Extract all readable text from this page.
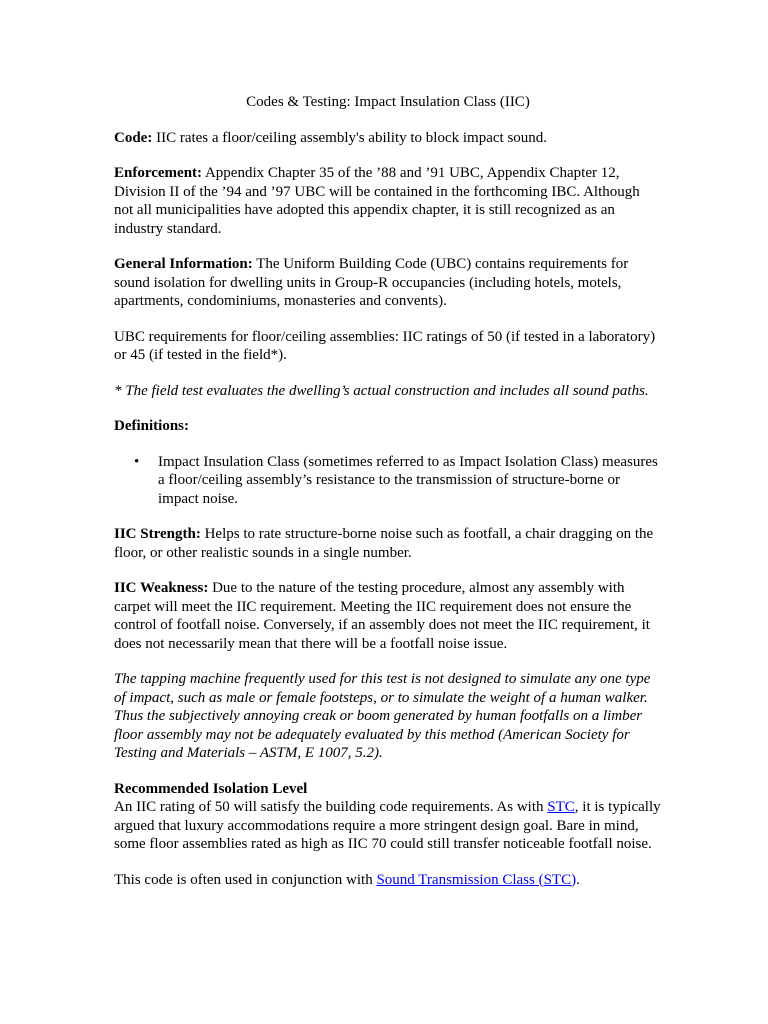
Codes & Testing: Impact Insulation Class (IIC)

Code: IIC rates a floor/ceiling assembly's ability to block impact sound.

Enforcement: Appendix Chapter 35 of the ’88 and ’91 UBC, Appendix Chapter 12, Division II of the ’94 and ’97 UBC will be contained in the forthcoming IBC. Although not all municipalities have adopted this appendix chapter, it is still recognized as an industry standard.

General Information: The Uniform Building Code (UBC) contains requirements for sound isolation for dwelling units in Group-R occupancies (including hotels, motels, apartments, condominiums, monasteries and convents).

UBC requirements for floor/ceiling assemblies: IIC ratings of 50 (if tested in a laboratory) or 45 (if tested in the field*).

* The field test evaluates the dwelling’s actual construction and includes all sound paths.

Definitions:

• Impact Insulation Class (sometimes referred to as Impact Isolation Class) measures a floor/ceiling assembly’s resistance to the transmission of structure-borne or impact noise.

IIC Strength: Helps to rate structure-borne noise such as footfall, a chair dragging on the floor, or other realistic sounds in a single number.

IIC Weakness: Due to the nature of the testing procedure, almost any assembly with carpet will meet the IIC requirement. Meeting the IIC requirement does not ensure the control of footfall noise. Conversely, if an assembly does not meet the IIC requirement, it does not necessarily mean that there will be a footfall noise issue.

The tapping machine frequently used for this test is not designed to simulate any one type of impact, such as male or female footsteps, or to simulate the weight of a human walker. Thus the subjectively annoying creak or boom generated by human footfalls on a limber floor assembly may not be adequately evaluated by this method (American Society for Testing and Materials – ASTM, E 1007, 5.2).

Recommended Isolation Level

An IIC rating of 50 will satisfy the building code requirements. As with STC, it is typically argued that luxury accommodations require a more stringent design goal. Bare in mind, some floor assemblies rated as high as IIC 70 could still transfer noticeable footfall noise.

This code is often used in conjunction with Sound Transmission Class (STC).
